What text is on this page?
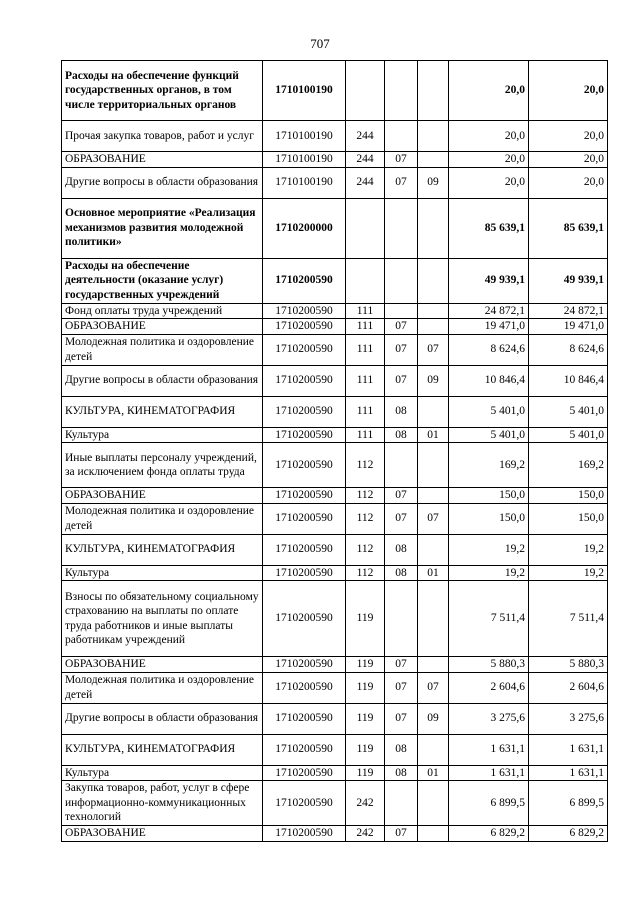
707
Расходы на обеспечение функций государственных органов, в том числе территориальных органов	1710100190				20,0	20,0
Прочая закупка товаров, работ и услуг	1710100190	244			20,0	20,0
ОБРАЗОВАНИЕ	1710100190	244	07		20,0	20,0
Другие вопросы в области образования	1710100190	244	07	09	20,0	20,0
Основное мероприятие «Реализация механизмов развития молодежной политики»	1710200000				85 639,1	85 639,1
Расходы на обеспечение деятельности (оказание услуг) государственных учреждений	1710200590				49 939,1	49 939,1
Фонд оплаты труда учреждений	1710200590	111			24 872,1	24 872,1
ОБРАЗОВАНИЕ	1710200590	111	07		19 471,0	19 471,0
Молодежная политика и оздоровление детей	1710200590	111	07	07	8 624,6	8 624,6
Другие вопросы в области образования	1710200590	111	07	09	10 846,4	10 846,4
КУЛЬТУРА, КИНЕМАТОГРАФИЯ	1710200590	111	08		5 401,0	5 401,0
Культура	1710200590	111	08	01	5 401,0	5 401,0
Иные выплаты персоналу учреждений, за исключением фонда оплаты труда	1710200590	112			169,2	169,2
ОБРАЗОВАНИЕ	1710200590	112	07		150,0	150,0
Молодежная политика и оздоровление детей	1710200590	112	07	07	150,0	150,0
КУЛЬТУРА, КИНЕМАТОГРАФИЯ	1710200590	112	08		19,2	19,2
Культура	1710200590	112	08	01	19,2	19,2
Взносы по обязательному социальному страхованию на выплаты по оплате труда работников и иные выплаты работникам учреждений	1710200590	119			7 511,4	7 511,4
ОБРАЗОВАНИЕ	1710200590	119	07		5 880,3	5 880,3
Молодежная политика и оздоровление детей	1710200590	119	07	07	2 604,6	2 604,6
Другие вопросы в области образования	1710200590	119	07	09	3 275,6	3 275,6
КУЛЬТУРА, КИНЕМАТОГРАФИЯ	1710200590	119	08		1 631,1	1 631,1
Культура	1710200590	119	08	01	1 631,1	1 631,1
Закупка товаров, работ, услуг в сфере информационно-коммуникационных технологий	1710200590	242			6 899,5	6 899,5
ОБРАЗОВАНИЕ	1710200590	242	07		6 829,2	6 829,2
